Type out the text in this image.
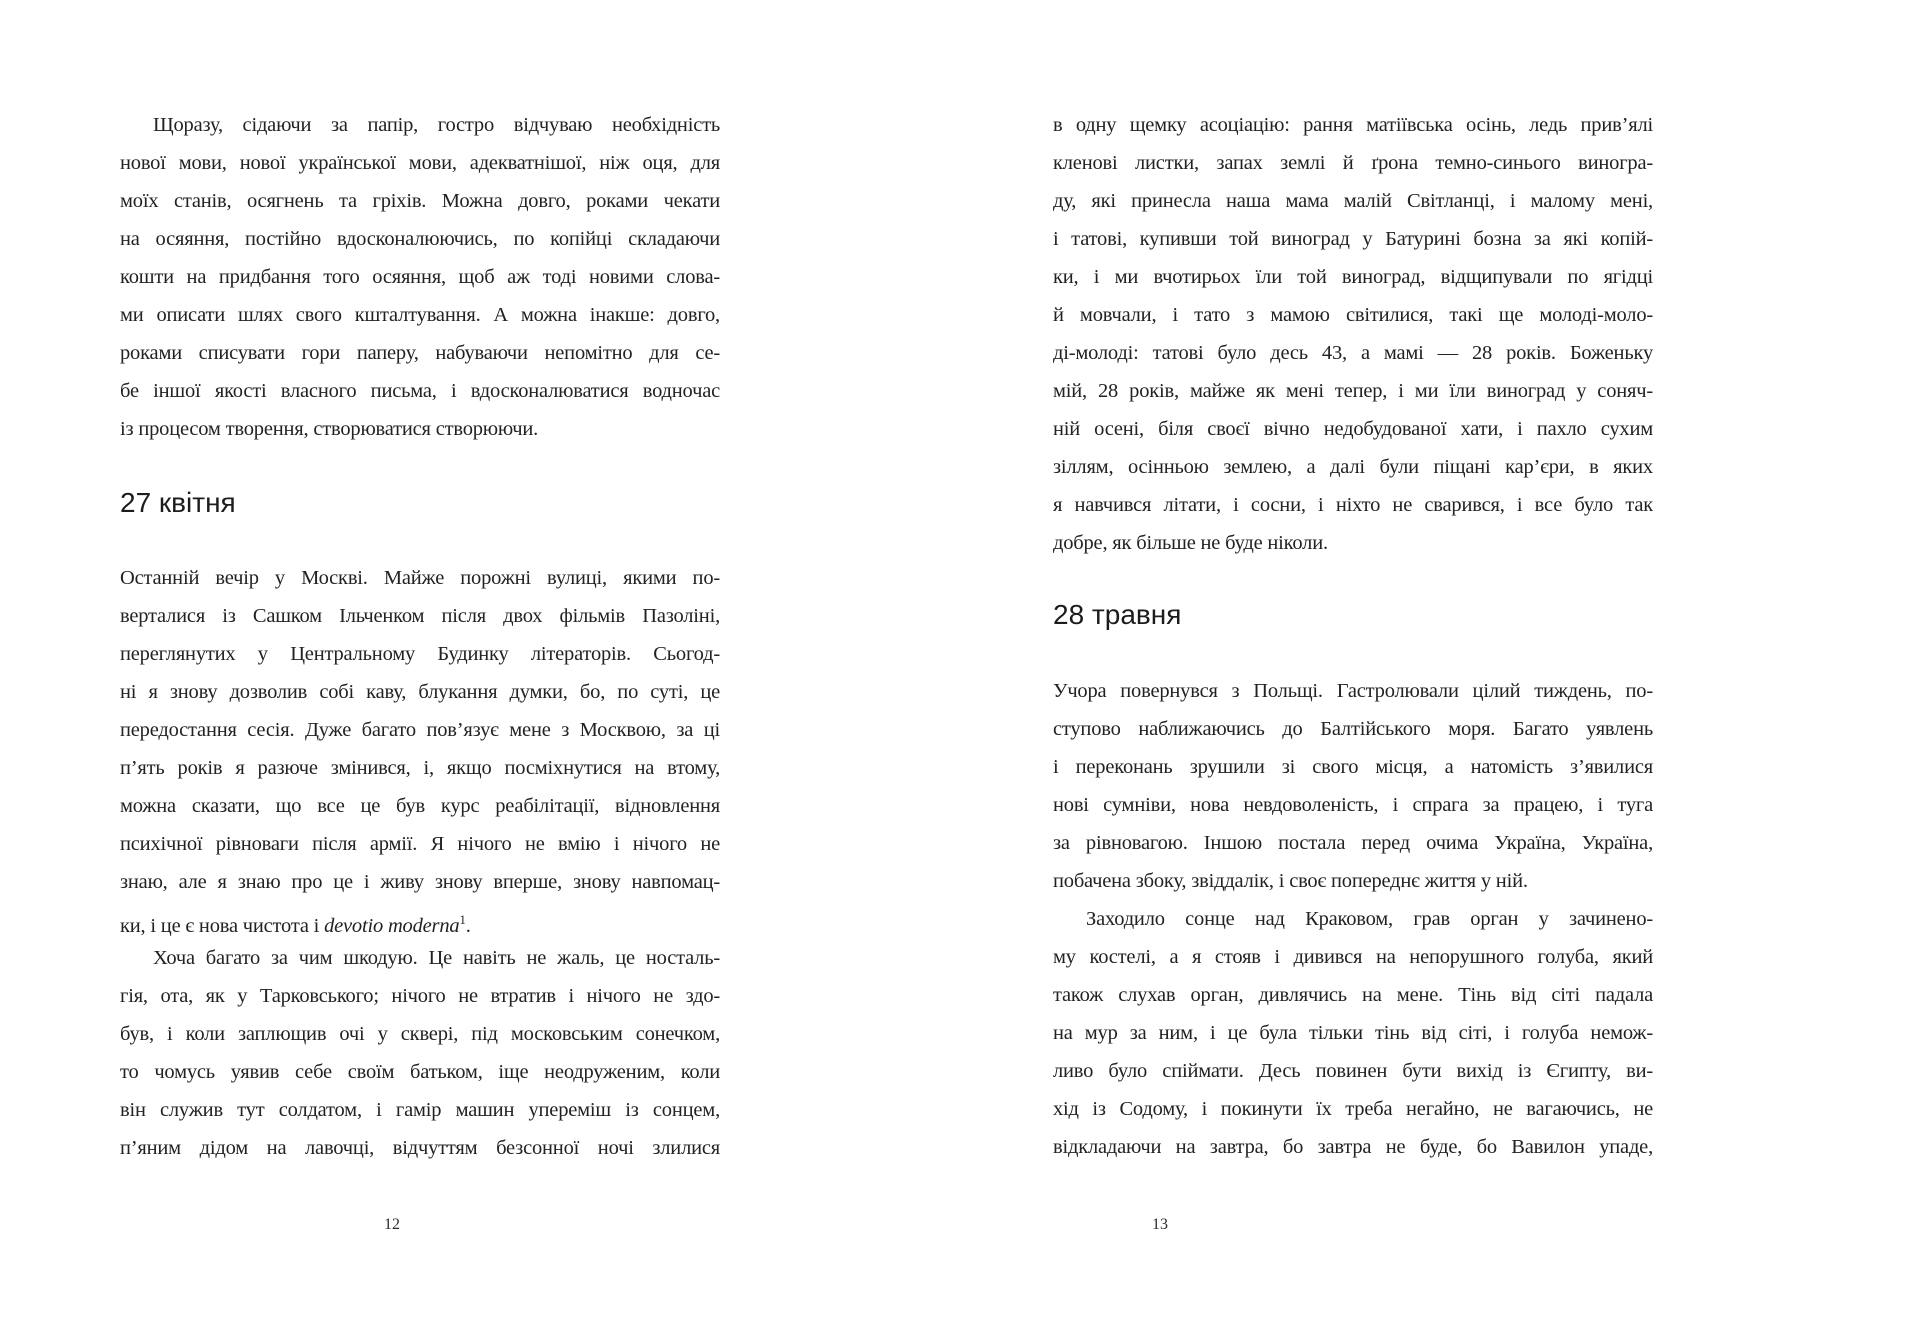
Щоразу, сідаючи за папір, гостро відчуваю необхідність
нової мови, нової української мови, адекватнішої, ніж оця, для
моїх станів, осягнень та гріхів. Можна довго, роками чекати
на осяяння, постійно вдосконалюючись, по копійці складаючи
кошти на придбання того осяяння, щоб аж тоді новими слова-
ми описати шлях свого кшталтування. А можна інакше: довго,
роками списувати гори паперу, набуваючи непомітно для се-
бе іншої якості власного письма, і вдосконалюватися водночас
із процесом творення, створюватися створюючи.
27 квітня
Останній вечір у Москві. Майже порожні вулиці, якими по-
верталися із Сашком Ільченком після двох фільмів Пазоліні,
переглянутих у Центральному Будинку літераторів. Сьогод-
ні я знову дозволив собі каву, блукання думки, бо, по суті, це
передостання сесія. Дуже багато пов’язує мене з Москвою, за ці
п’ять років я разюче змінився, і, якщо посміхнутися на втому,
можна сказати, що все це був курс реабілітації, відновлення
психічної рівноваги після армії. Я нічого не вмію і нічого не
знаю, але я знаю про це і живу знову вперше, знову навпомац-
ки, і це є нова чистота і devotio moderna$^1$.
Хоча багато за чим шкодую. Це навіть не жаль, це носталь-
гія, ота, як у Тарковського; нічого не втратив і нічого не здо-
був, і коли заплющив очі у сквері, під московським сонечком,
то чомусь уявив себе своїм батьком, іще неодруженим, коли
він служив тут солдатом, і гамір машин упереміш із сонцем,
п’яним дідом на лавочці, відчуттям безсонної ночі злилися
12
в одну щемку асоціацію: рання матіївська осінь, ледь прив’ялі
кленові листки, запах землі й ґрона темно-синього виногра-
ду, які принесла наша мама малій Світланці, і малому мені,
і татові, купивши той виноград у Батурині бозна за які копій-
ки, і ми вчотирьох їли той виноград, відщипували по ягідці
й мовчали, і тато з мамою світилися, такі ще молоді-моло-
ді-молоді: татові було десь 43, а мамі — 28 років. Боженьку
мій, 28 років, майже як мені тепер, і ми їли виноград у соняч-
ній осені, біля своєї вічно недобудованої хати, і пахло сухим
зіллям, осінньою землею, а далі були піщані кар’єри, в яких
я навчився літати, і сосни, і ніхто не сварився, і все було так
добре, як більше не буде ніколи.
28 травня
Учора повернувся з Польщі. Гастролювали цілий тиждень, по-
ступово наближаючись до Балтійського моря. Багато уявлень
і переконань зрушили зі свого місця, а натомість з’явилися
нові сумніви, нова невдоволеність, і спрага за працею, і туга
за рівновагою. Іншою постала перед очима Україна, Україна,
побачена збоку, звіддалік, і своє попереднє життя у ній.
Заходило сонце над Краковом, грав орган у зачинено-
му костелі, а я стояв і дивився на непорушного голуба, який
також слухав орган, дивлячись на мене. Тінь від сіті падала
на мур за ним, і це була тільки тінь від сіті, і голуба немож-
ливо було спіймати. Десь повинен бути вихід із Єгипту, ви-
хід із Содому, і покинути їх треба негайно, не вагаючись, не
відкладаючи на завтра, бо завтра не буде, бо Вавилон упаде,
13
